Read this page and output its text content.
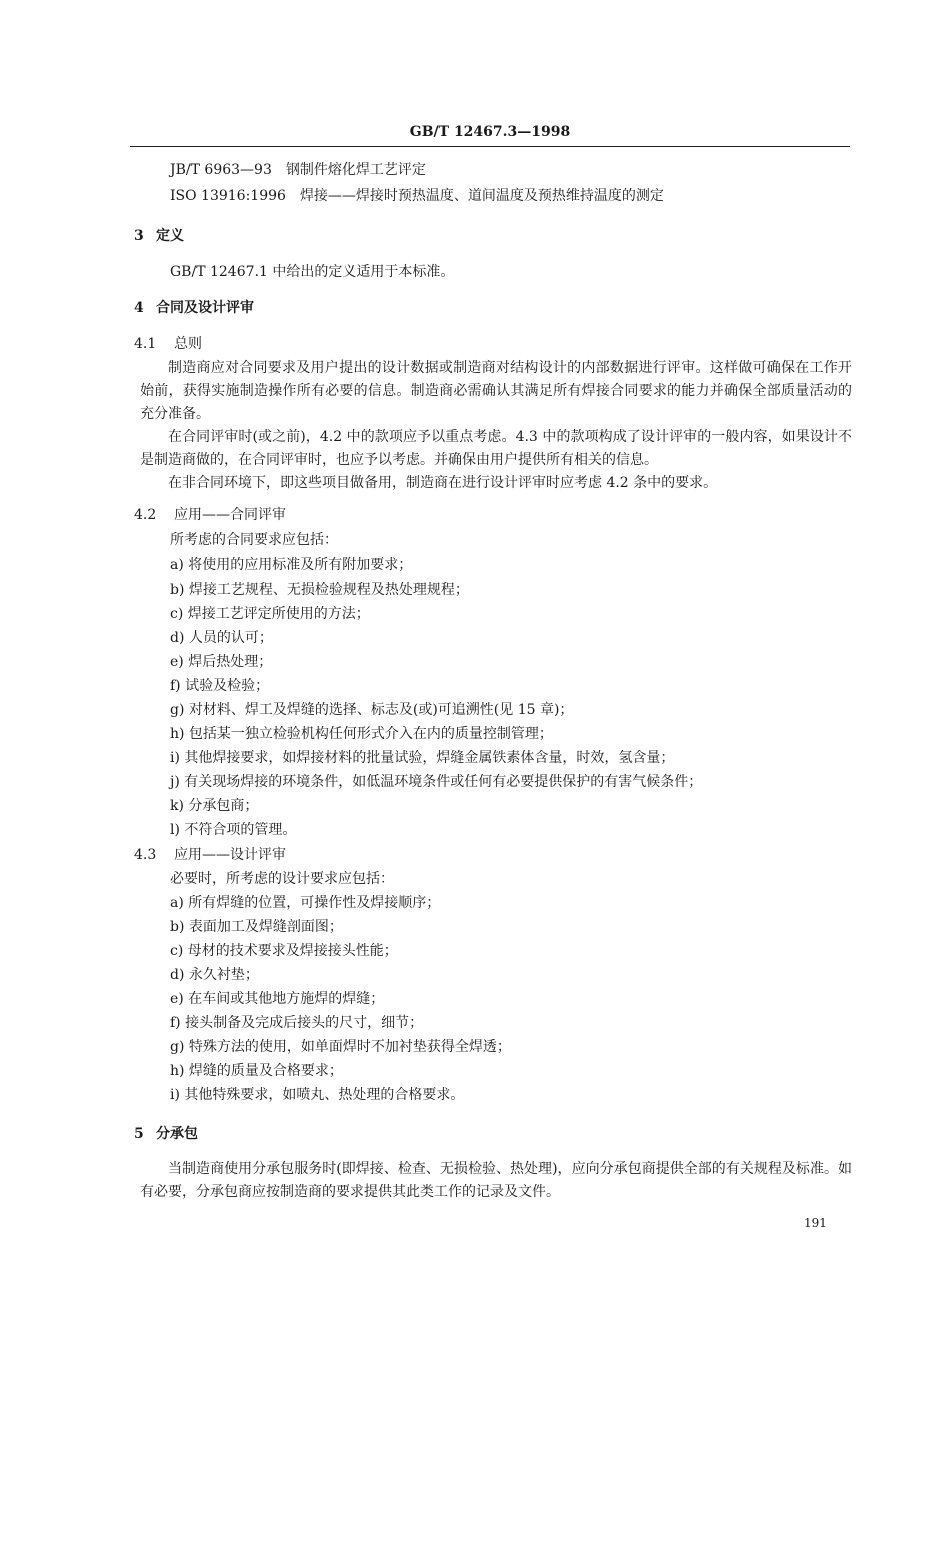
GB/T 12467.3—1998
JB/T 6963—93 钢制件熔化焊工艺评定
ISO 13916:1996 焊接——焊接时预热温度、道间温度及预热维持温度的测定
3 定义
GB/T 12467.1 中给出的定义适用于本标准。
4 合同及设计评审
4.1 总则

制造商应对合同要求及用户提出的设计数据或制造商对结构设计的内部数据进行评审。这样做可确保在工作开始前，获得实施制造操作所有必要的信息。制造商必需确认其满足所有焊接合同要求的能力并确保全部质量活动的充分准备。

在合同评审时(或之前)，4.2 中的款项应予以重点考虑。4.3 中的款项构成了设计评审的一般内容，如果设计不是制造商做的，在合同评审时，也应予以考虑。并确保由用户提供所有相关的信息。

在非合同环境下，即这些项目做备用，制造商在进行设计评审时应考虑 4.2 条中的要求。

4.2 应用——合同评审
所考虑的合同要求应包括：
a) 将使用的应用标准及所有附加要求；
b) 焊接工艺规程、无损检验规程及热处理规程；
c) 焊接工艺评定所使用的方法；
d) 人员的认可；
e) 焊后热处理；
f) 试验及检验；
g) 对材料、焊工及焊缝的选择、标志及(或)可追溯性(见 15 章)；
h) 包括某一独立检验机构任何形式介入在内的质量控制管理；
i) 其他焊接要求，如焊接材料的批量试验，焊缝金属铁素体含量，时效，氢含量；
j) 有关现场焊接的环境条件，如低温环境条件或任何有必要提供保护的有害气候条件；
k) 分承包商；
l) 不符合项的管理。
4.3 应用——设计评审
必要时，所考虑的设计要求应包括：
a) 所有焊缝的位置，可操作性及焊接顺序；
b) 表面加工及焊缝剖面图；
c) 母材的技术要求及焊接接头性能；
d) 永久衬垫；
e) 在车间或其他地方施焊的焊缝；
f) 接头制备及完成后接头的尺寸，细节；
g) 特殊方法的使用，如单面焊时不加衬垫获得全焊透；
h) 焊缝的质量及合格要求；
i) 其他特殊要求，如喷丸、热处理的合格要求。
5 分承包

当制造商使用分承包服务时(即焊接、检查、无损检验、热处理)，应向分承包商提供全部的有关规程及标准。如有必要，分承包商应按制造商的要求提供其此类工作的记录及文件。

191
